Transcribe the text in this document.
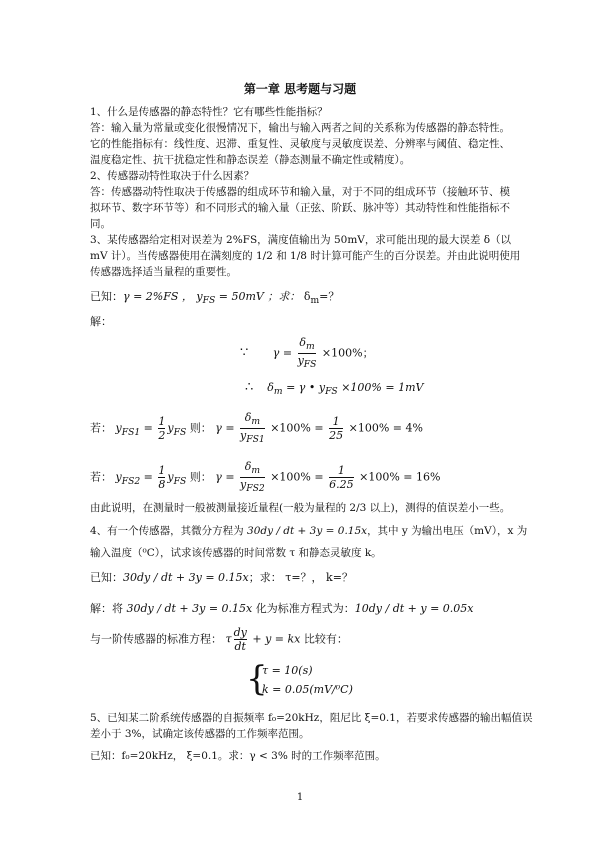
第一章 思考题与习题
1、什么是传感器的静态特性？它有哪些性能指标？
答：输入量为常量或变化很慢情况下，输出与输入两者之间的关系称为传感器的静态特性。
它的性能指标有：线性度、迟滞、重复性、灵敏度与灵敏度误差、分辨率与阈值、稳定性、
温度稳定性、抗干扰稳定性和静态误差（静态测量不确定性或精度）。
2、传感器动特性取决于什么因素？
答：传感器动特性取决于传感器的组成环节和输入量，对于不同的组成环节（接触环节、模
拟环节、数字环节等）和不同形式的输入量（正弦、阶跃、脉冲等）其动特性和性能指标不
同。
3、某传感器给定相对误差为 2%FS，满度值输出为 50mV，求可能出现的最大误差 δ（以
mV 计）。当传感器使用在满刻度的 1/2 和 1/8 时计算可能产生的百分误差。并由此说明使用
传感器选择适当量程的重要性。
已知：γ = 2%FS ， $y_{FS} = 50mV$ ；求： $\delta_m=$？
解：
∵ $\gamma = \frac{\delta_m}{y_{FS}} \times 100\%$；
∴ $\delta_m = \gamma$ • $y_{FS} \times 100\% = 1mV$
若： $y_{FS1} = \frac{1}{2} y_{FS}$ 则： $\gamma = \frac{\delta_m}{y_{FS1}} \times 100\% = \frac{1}{25} \times 100\% = 4\%$
若： $y_{FS2} = \frac{1}{8} y_{FS}$ 则： $\gamma = \frac{\delta_m}{y_{FS2}} \times 100\% = \frac{1}{6.25} \times 100\% = 16\%$
由此说明，在测量时一般被测量接近量程(一般为量程的 2/3 以上)，测得的值误差小一些。
4、有一个传感器，其微分方程为 30dy / dt + 3y = 0.15x，其中 y 为输出电压（mV），x 为
输入温度（⁰C），试求该传感器的时间常数 τ 和静态灵敏度 k。
已知：30dy / dt + 3y = 0.15x；求： τ=？， k=？
解：将 30dy / dt + 3y = 0.15x 化为标准方程式为：10dy / dt + y = 0.05x
与一阶传感器的标准方程： τ $\frac{dy}{dt} + y$ = kx 比较有：
{
τ = 10(s)
k = 0.05(mV/⁰C)
5、已知某二阶系统传感器的自振频率 f₀=20kHz，阻尼比 ξ=0.1，若要求传感器的输出幅值误
差小于 3%，试确定该传感器的工作频率范围。
已知：f₀=20kHz， ξ=0.1。求：γ < 3% 时的工作频率范围。
1
